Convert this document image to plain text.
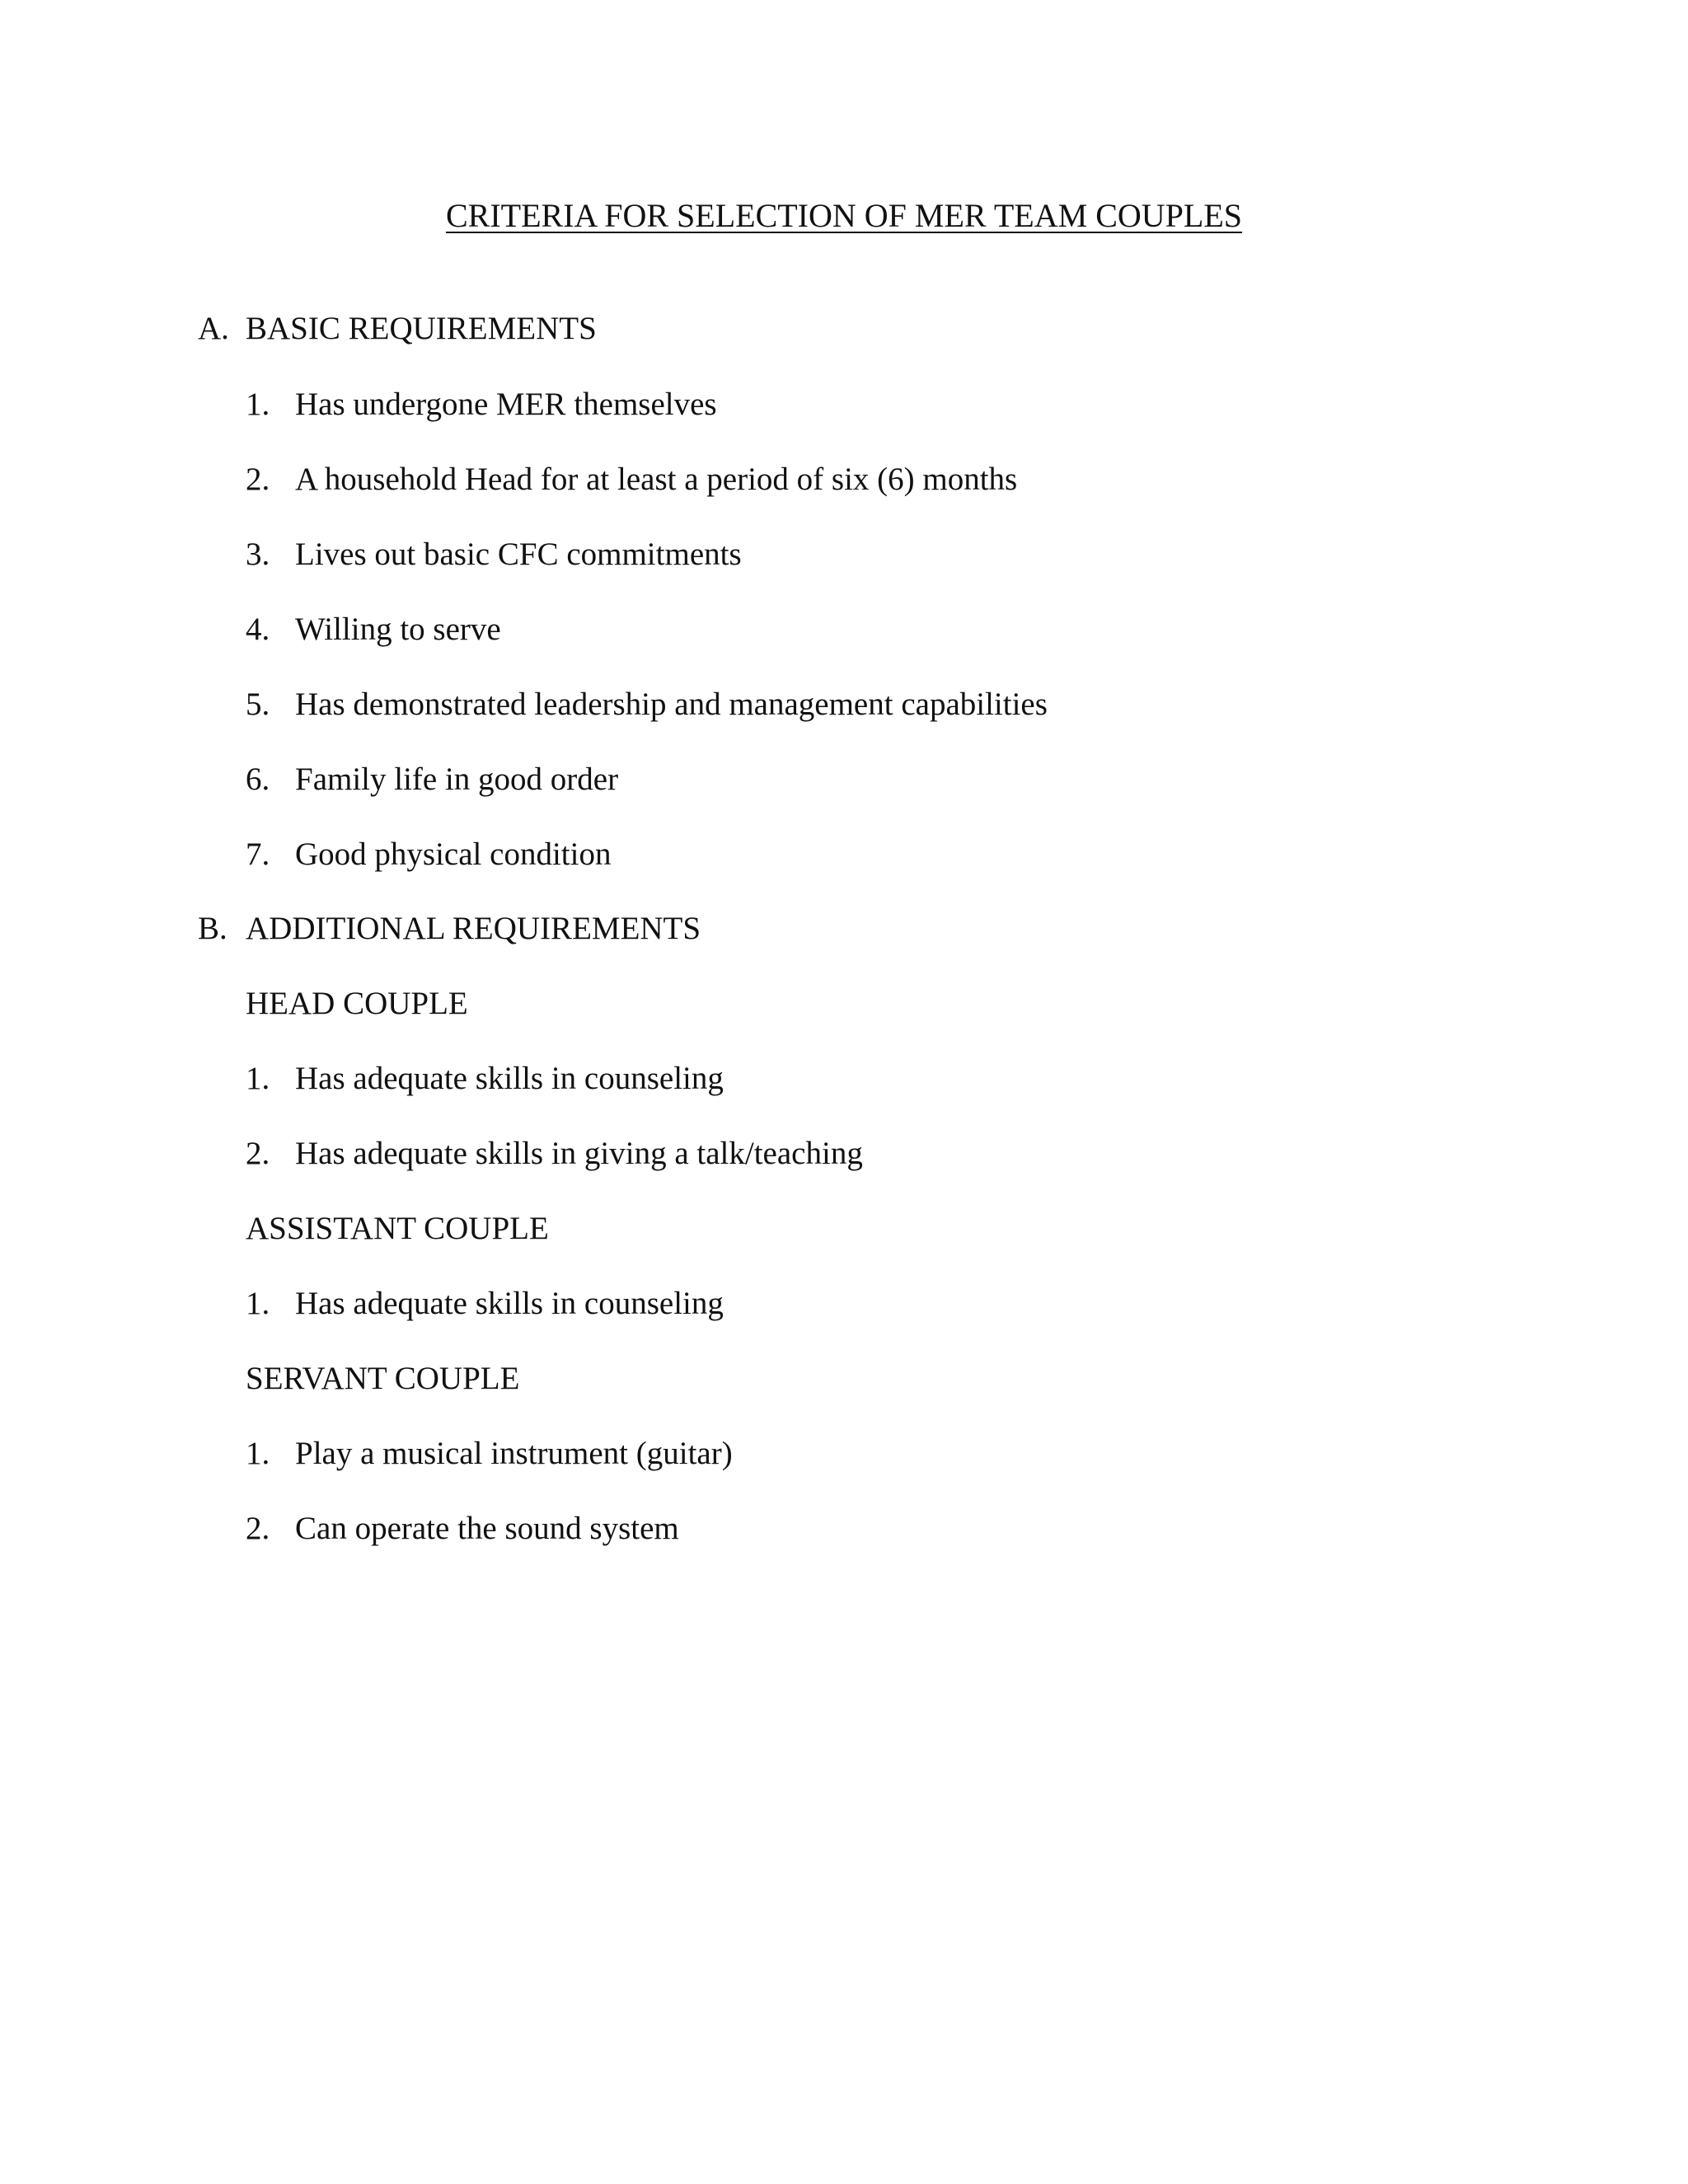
CRITERIA FOR SELECTION OF MER TEAM COUPLES
A. BASIC REQUIREMENTS
1. Has undergone MER themselves
2. A household Head for at least a period of six (6) months
3. Lives out basic CFC commitments
4. Willing to serve
5. Has demonstrated leadership and management capabilities
6. Family life in good order
7. Good physical condition
B. ADDITIONAL REQUIREMENTS
HEAD COUPLE
1. Has adequate skills in counseling
2. Has adequate skills in giving a talk/teaching
ASSISTANT COUPLE
1. Has adequate skills in counseling
SERVANT COUPLE
1. Play a musical instrument (guitar)
2. Can operate the sound system
